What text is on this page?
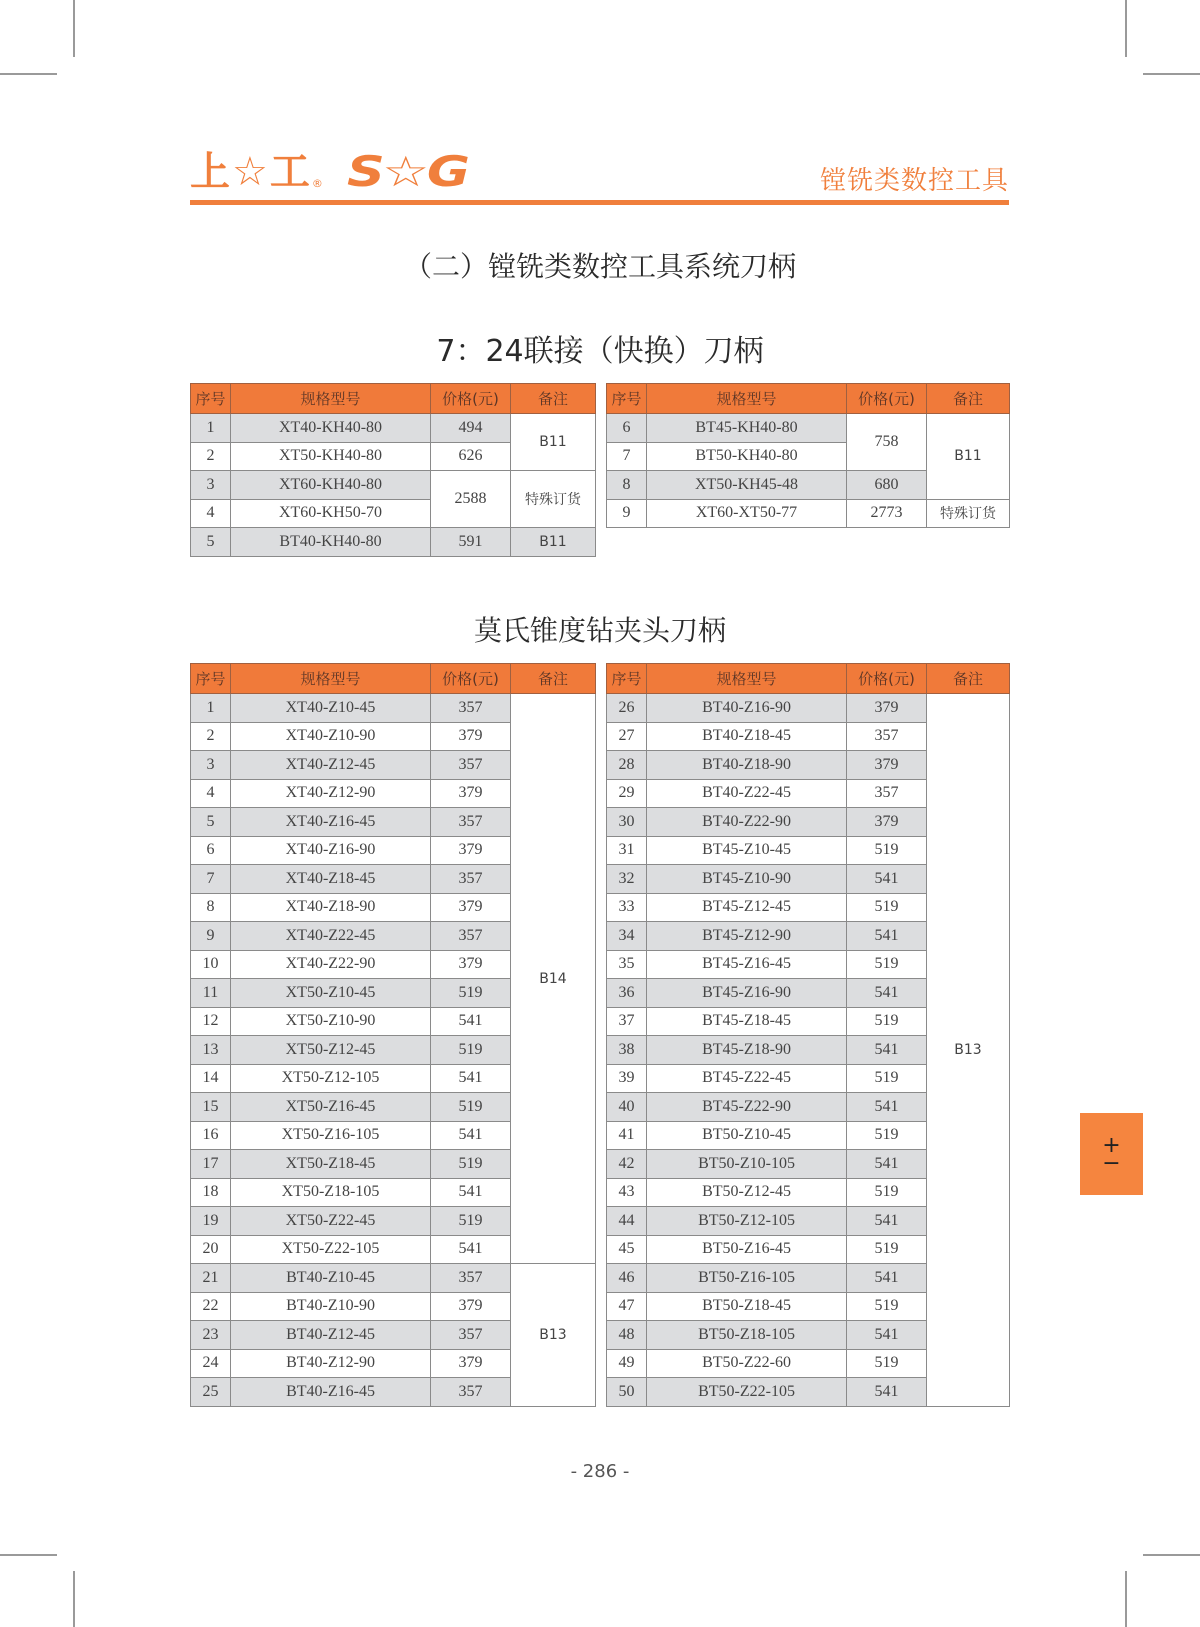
上☆工 ® S☆G	镗铣类数控工具
（二）镗铣类数控工具系统刀柄
7：24联接（快换）刀柄
莫氏锥度钻夹头刀柄
序号	规格型号	价格(元)	备注
1	XT40-KH40-80	494	B11
2	XT50-KH40-80	626	
3	XT60-KH40-80	2588	特殊订货
4	XT60-KH50-70		
5	BT40-KH40-80	591	B11
序号	规格型号	价格(元)	备注
6	BT45-KH40-80	758	B11
7	BT50-KH40-80		
8	XT50-KH45-48	680	
9	XT60-XT50-77	2773	特殊订货
序号	规格型号	价格(元)	备注
1	XT40-Z10-45	357	B14
2	XT40-Z10-90	379	
3	XT40-Z12-45	357	
4	XT40-Z12-90	379	
5	XT40-Z16-45	357	
6	XT40-Z16-90	379	
7	XT40-Z18-45	357	
8	XT40-Z18-90	379	
9	XT40-Z22-45	357	
10	XT40-Z22-90	379	
11	XT50-Z10-45	519	
12	XT50-Z10-90	541	
13	XT50-Z12-45	519	
14	XT50-Z12-105	541	
15	XT50-Z16-45	519	
16	XT50-Z16-105	541	
17	XT50-Z18-45	519	
18	XT50-Z18-105	541	
19	XT50-Z22-45	519	
20	XT50-Z22-105	541	
21	BT40-Z10-45	357	B13
22	BT40-Z10-90	379	
23	BT40-Z12-45	357	
24	BT40-Z12-90	379	
25	BT40-Z16-45	357	
序号	规格型号	价格(元)	备注
26	BT40-Z16-90	379	B13
27	BT40-Z18-45	357	
28	BT40-Z18-90	379	
29	BT40-Z22-45	357	
30	BT40-Z22-90	379	
31	BT45-Z10-45	519	
32	BT45-Z10-90	541	
33	BT45-Z12-45	519	
34	BT45-Z12-90	541	
35	BT45-Z16-45	519	
36	BT45-Z16-90	541	
37	BT45-Z18-45	519	
38	BT45-Z18-90	541	
39	BT45-Z22-45	519	
40	BT45-Z22-90	541	
41	BT50-Z10-45	519	
42	BT50-Z10-105	541	
43	BT50-Z12-45	519	
44	BT50-Z12-105	541	
45	BT50-Z16-45	519	
46	BT50-Z16-105	541	
47	BT50-Z18-45	519	
48	BT50-Z18-105	541	
49	BT50-Z22-60	519	
50	BT50-Z22-105	541	
- 286 -
+
−
